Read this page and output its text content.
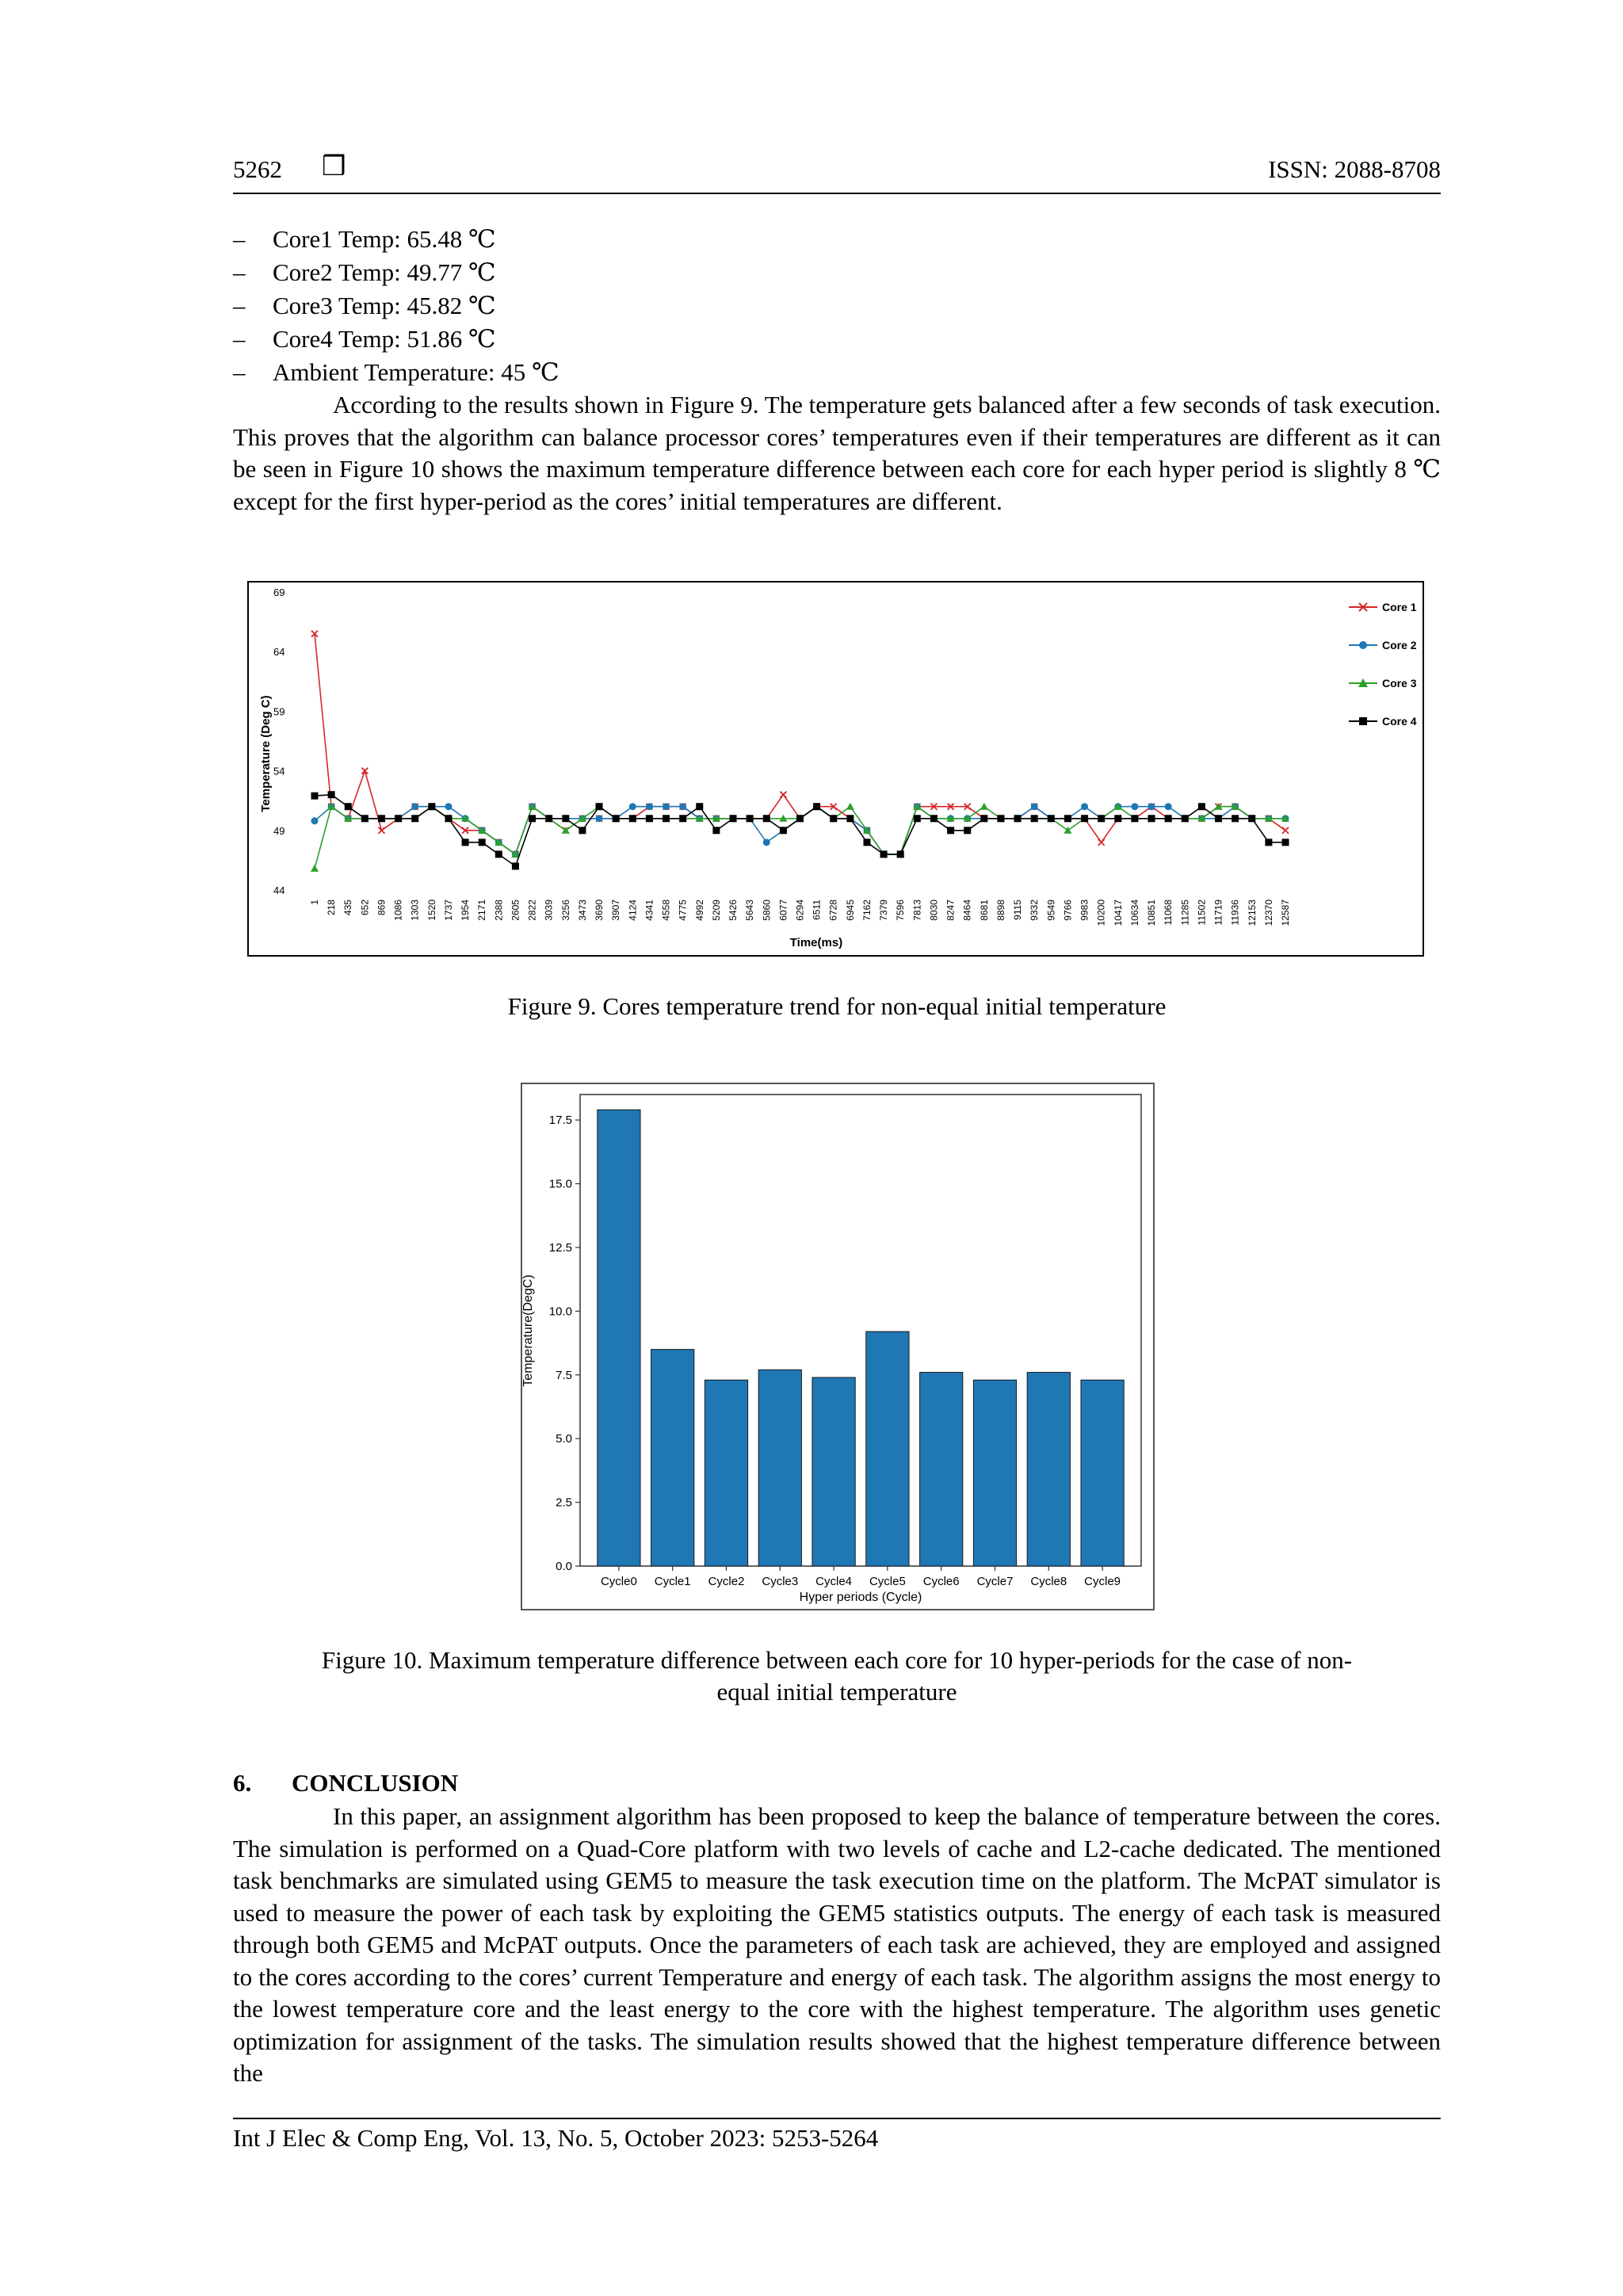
5262 ❒	ISSN: 2088-8708
– Core1 Temp: 65.48 ℃
– Core2 Temp: 49.77 ℃
– Core3 Temp: 45.82 ℃
– Core4 Temp: 51.86 ℃
– Ambient Temperature: 45 ℃
According to the results shown in Figure 9. The temperature gets balanced after a few seconds of task execution. This proves that the algorithm can balance processor cores’ temperatures even if their temperatures are different as it can be seen in Figure 10 shows the maximum temperature difference between each core for each hyper period is slightly 8 ℃ except for the first hyper-period as the cores’ initial temperatures are different.
44
49
54
59
64
69
1 218 435 652 869 1086 1303 1520 1737 1954 2171 2388 2605 2822 3039 3256 3473 3690 3907 4124 4341 4558 4775 4992 5209 5426 5643 5860 6077 6294 6511 6728 6945 7162 7379 7596 7813 8030 8247 8464 8681 8898 9115 9332 9549 9766 9983 10200 10417 10634 10851 11068 11285 11502 11719 11936 12153 12370 12587
Core 1
Core 2
Core 3
Core 4
Temperature (Deg C)
Time(ms)
Figure 9. Cores temperature trend for non-equal initial temperature
0.0
2.5
5.0
7.5
10.0
12.5
15.0
17.5
Cycle0 Cycle1 Cycle2 Cycle3 Cycle4 Cycle5 Cycle6 Cycle7 Cycle8 Cycle9
Temperature(DegC)
Hyper periods (Cycle)
Figure 10. Maximum temperature difference between each core for 10 hyper-periods for the case of non-
equal initial temperature
6. CONCLUSION
In this paper, an assignment algorithm has been proposed to keep the balance of temperature between the cores. The simulation is performed on a Quad-Core platform with two levels of cache and L2-cache dedicated. The mentioned task benchmarks are simulated using GEM5 to measure the task execution time on the platform. The McPAT simulator is used to measure the power of each task by exploiting the GEM5 statistics outputs. The energy of each task is measured through both GEM5 and McPAT outputs. Once the parameters of each task are achieved, they are employed and assigned to the cores according to the cores’ current Temperature and energy of each task. The algorithm assigns the most energy to the lowest temperature core and the least energy to the core with the highest temperature. The algorithm uses genetic optimization for assignment of the tasks. The simulation results showed that the highest temperature difference between the
Int J Elec & Comp Eng, Vol. 13, No. 5, October 2023: 5253-5264
